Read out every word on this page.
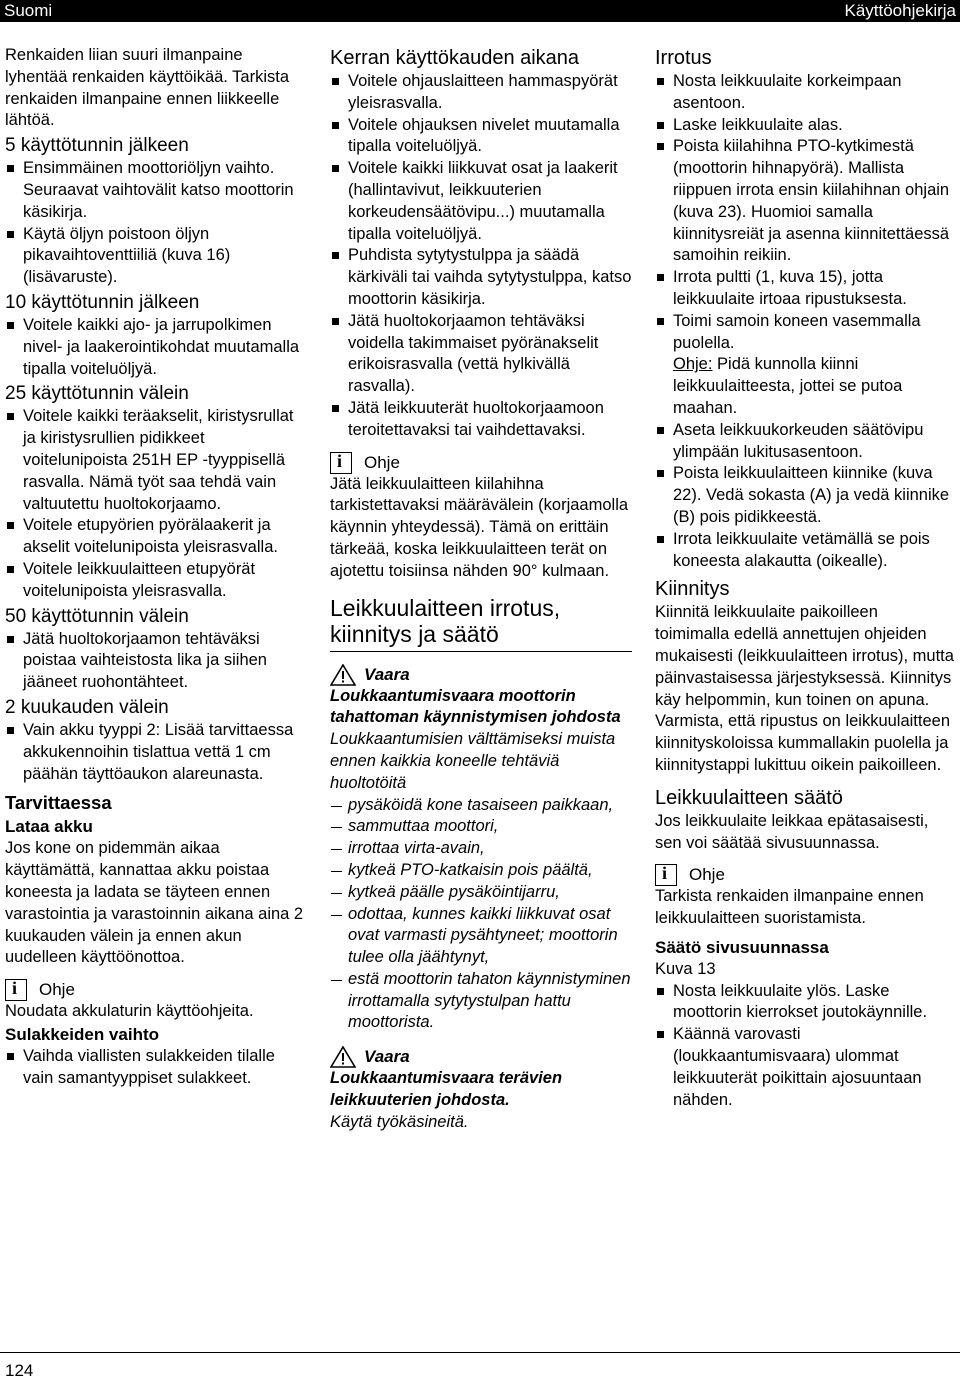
Suomi	Käyttöohjekirja

Renkaiden liian suuri ilmanpaine lyhentää renkaiden käyttöikää. Tarkista renkaiden ilmanpaine ennen liikkeelle lähtöä.

5 käyttötunnin jälkeen

Ensimmäinen moottoriöljyn vaihto. Seuraavat vaihtovälit katso moottorin käsikirja.
Käytä öljyn poistoon öljyn pikavaihtoventtiiliä (kuva 16) (lisävaruste).

10 käyttötunnin jälkeen

Voitele kaikki ajo- ja jarrupolkimen nivel- ja laakerointikohdat muutamalla tipalla voiteluöljyä.

25 käyttötunnin välein

Voitele kaikki teräakselit, kiristysrullat ja kiristysrullien pidikkeet voitelunipoista 251H EP -tyyppisellä rasvalla. Nämä työt saa tehdä vain valtuutettu huoltokorjaamo.
Voitele etupyörien pyörälaakerit ja akselit voitelunipoista yleisrasvalla.
Voitele leikkuulaitteen etupyörät voitelunipoista yleisrasvalla.

50 käyttötunnin välein

Jätä huoltokorjaamon tehtäväksi poistaa vaihteistosta lika ja siihen jääneet ruohontähteet.

2 kuukauden välein

Vain akku tyyppi 2: Lisää tarvittaessa akkukennoihin tislattua vettä 1 cm päähän täyttöaukon alareunasta.

Tarvittaessa

Lataa akku

Jos kone on pidemmän aikaa käyttämättä, kannattaa akku poistaa koneesta ja ladata se täyteen ennen varastointia ja varastoinnin aikana aina 2 kuukauden välein ja ennen akun uudelleen käyttöönottoa.

i
Ohje

Noudata akkulaturin käyttöohjeita.

Sulakkeiden vaihto

Vaihda viallisten sulakkeiden tilalle vain samantyyppiset sulakkeet.

Kerran käyttökauden aikana

Voitele ohjauslaitteen hammaspyörät yleisrasvalla.
Voitele ohjauksen nivelet muutamalla tipalla voiteluöljyä.
Voitele kaikki liikkuvat osat ja laakerit (hallintavivut, leikkuuterien korkeudensäätövipu...) muutamalla tipalla voiteluöljyä.
Puhdista sytytystulppa ja säädä kärkiväli tai vaihda sytytystulppa, katso moottorin käsikirja.
Jätä huoltokorjaamon tehtäväksi voidella takimmaiset pyöränakselit erikoisrasvalla (vettä hylkivällä rasvalla).
Jätä leikkuuterät huoltokorjaamoon teroitettavaksi tai vaihdettavaksi.
i
Ohje

Jätä leikkuulaitteen kiilahihna tarkistettavaksi määrävälein (korjaamolla käynnin yhteydessä). Tämä on erittäin tärkeää, koska leikkuulaitteen terät on ajotettu toisiinsa nähden 90° kulmaan.

Leikkuulaitteen irrotus,
kiinnitys ja säätö
Vaara

Loukkaantumisvaara moottorin tahattoman käynnistymisen johdosta

Loukkaantumisien välttämiseksi muista ennen kaikkia koneelle tehtäviä huoltotöitä

pysäköidä kone tasaiseen paikkaan,
sammuttaa moottori,
irrottaa virta-avain,
kytkeä PTO-katkaisin pois päältä,
kytkeä päälle pysäköintijarru,
odottaa, kunnes kaikki liikkuvat osat ovat varmasti pysähtyneet; moottorin tulee olla jäähtynyt,
estä moottorin tahaton käynnistyminen irrottamalla sytytystulpan hattu moottorista.
Vaara

Loukkaantumisvaara terävien leikkuuterien johdosta.

Käytä työkäsineitä.

Irrotus

Nosta leikkuulaite korkeimpaan asentoon.
Laske leikkuulaite alas.
Poista kiilahihna PTO-kytkimestä (moottorin hihnapyörä). Mallista riippuen irrota ensin kiilahihnan ohjain (kuva 23). Huomioi samalla kiinnitysreiät ja asenna kiinnitettäessä samoihin reikiin.
Irrota pultti (1, kuva 15), jotta leikkuulaite irtoaa ripustuksesta.
Toimi samoin koneen vasemmalla puolella.

Ohje: Pidä kunnolla kiinni leikkuulaitteesta, jottei se putoa maahan.

Aseta leikkuukorkeuden säätövipu ylimpään lukitusasentoon.
Poista leikkuulaitteen kiinnike (kuva 22). Vedä sokasta (A) ja vedä kiinnike (B) pois pidikkeestä.
Irrota leikkuulaite vetämällä se pois koneesta alakautta (oikealle).

Kiinnitys

Kiinnitä leikkuulaite paikoilleen toimimalla edellä annettujen ohjeiden mukaisesti (leikkuulaitteen irrotus), mutta päinvastaisessa järjestyksessä. Kiinnitys käy helpommin, kun toinen on apuna. Varmista, että ripustus on leikkuulaitteen kiinnityskoloissa kummallakin puolella ja kiinnitystappi lukittuu oikein paikoilleen.

Leikkuulaitteen säätö

Jos leikkuulaite leikkaa epätasaisesti, sen voi säätää sivusuunnassa.

i
Ohje

Tarkista renkaiden ilmanpaine ennen leikkuulaitteen suoristamista.

Säätö sivusuunnassa

Kuva 13

Nosta leikkuulaite ylös. Laske moottorin kierrokset joutokäynnille.
Käännä varovasti (loukkaantumisvaara) ulommat leikkuuterät poikittain ajosuuntaan nähden.
124
